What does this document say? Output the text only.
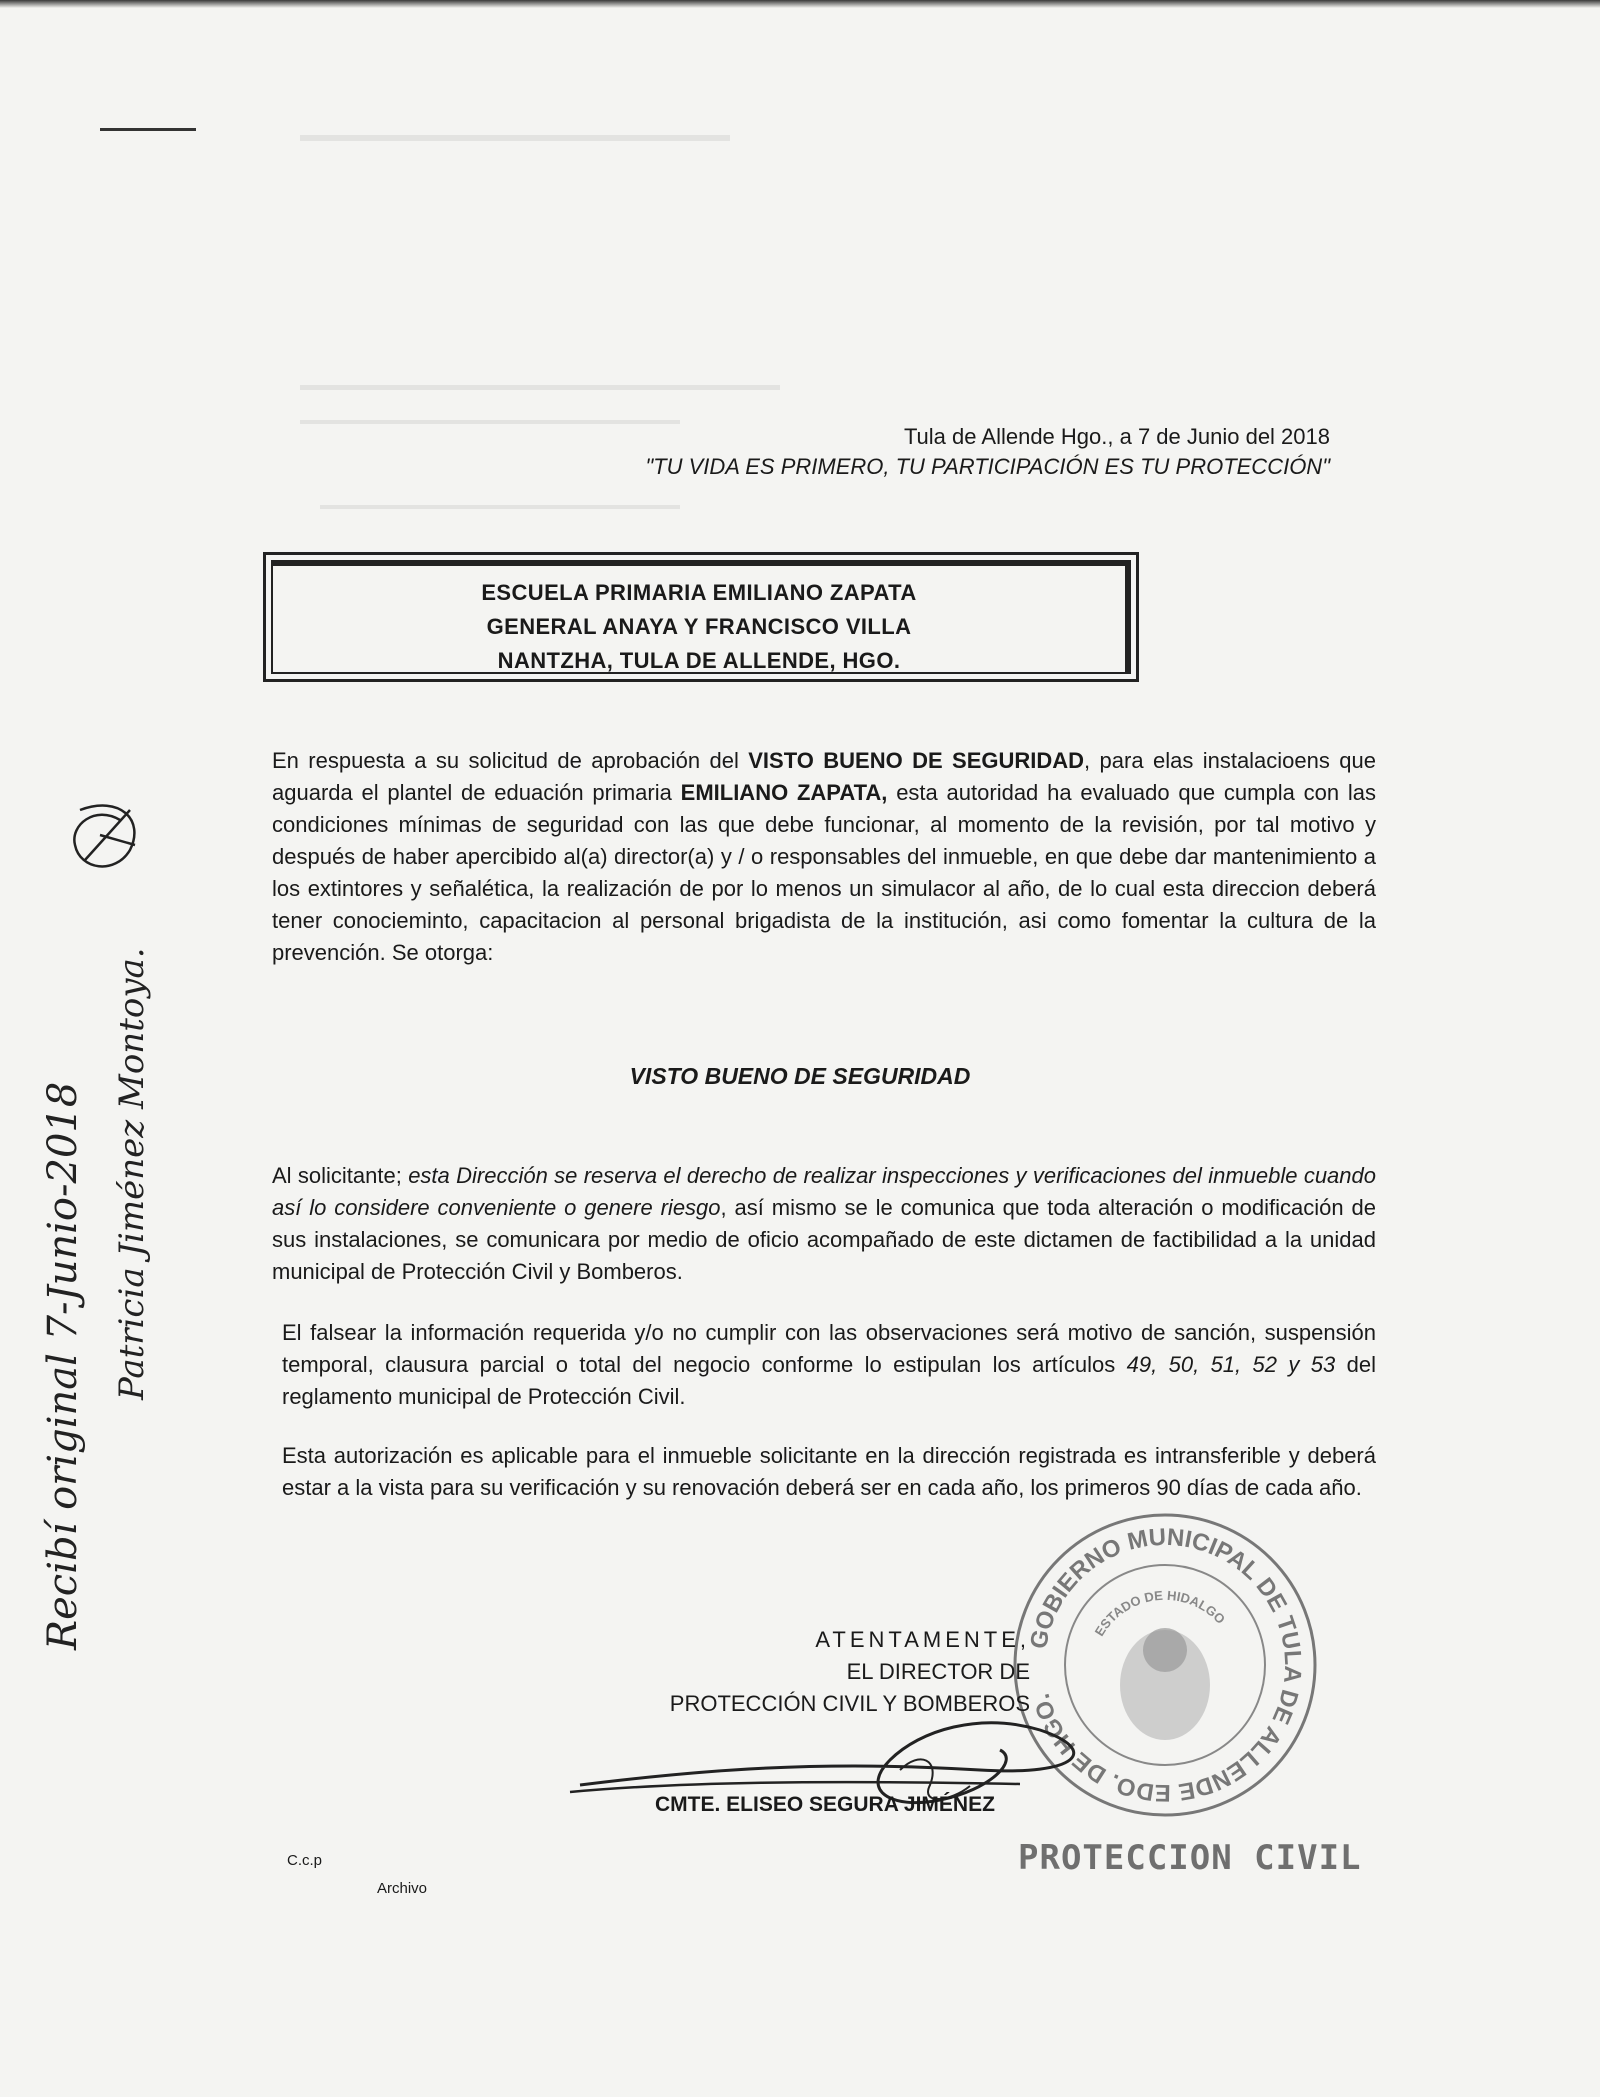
Tula de Allende Hgo., a 7 de Junio del 2018
"TU VIDA ES PRIMERO, TU PARTICIPACIÓN ES TU PROTECCIÓN"
ESCUELA PRIMARIA EMILIANO ZAPATA
GENERAL ANAYA Y FRANCISCO VILLA
NANTZHA, TULA DE ALLENDE, HGO.
En respuesta a su solicitud de aprobación del VISTO BUENO DE SEGURIDAD, para elas instalacioens que aguarda el plantel de eduación primaria EMILIANO ZAPATA, esta autoridad ha evaluado que cumpla con las condiciones mínimas de seguridad con las que debe funcionar, al momento de la revisión, por tal motivo y después de haber apercibido al(a) director(a) y / o responsables del inmueble, en que debe dar mantenimiento a los extintores y señalética, la realización de por lo menos un simulacor al año, de lo cual esta direccion deberá tener conocieminto, capacitacion al personal brigadista de la institución, asi como fomentar la cultura de la prevención. Se otorga:
VISTO BUENO DE SEGURIDAD
Al solicitante; esta Dirección se reserva el derecho de realizar inspecciones y verificaciones del inmueble cuando así lo considere conveniente o genere riesgo, así mismo se le comunica que toda alteración o modificación de sus instalaciones, se comunicara por medio de oficio acompañado de este dictamen de factibilidad a la unidad municipal de Protección Civil y Bomberos.
El falsear la información requerida y/o no cumplir con las observaciones será motivo de sanción, suspensión temporal, clausura parcial o total del negocio conforme lo estipulan los artículos 49, 50, 51, 52 y 53 del reglamento municipal de Protección Civil.
Esta autorización es aplicable para el inmueble solicitante en la dirección registrada es intransferible y deberá estar a la vista para su verificación y su renovación deberá ser en cada año, los primeros 90 días de cada año.
GOBIERNO MUNICIPAL DE TULA DE ALLENDE EDO. DE HGO.
ESTADO DE HIDALGO
PROTECCION CIVIL
ATENTAMENTE,
EL DIRECTOR DE
PROTECCIÓN CIVIL Y BOMBEROS
CMTE. ELISEO SEGURA JIMÉNEZ
C.c.p
Archivo
Recibí original 7-Junio-2018 Patricia Jiménez Montoya.
